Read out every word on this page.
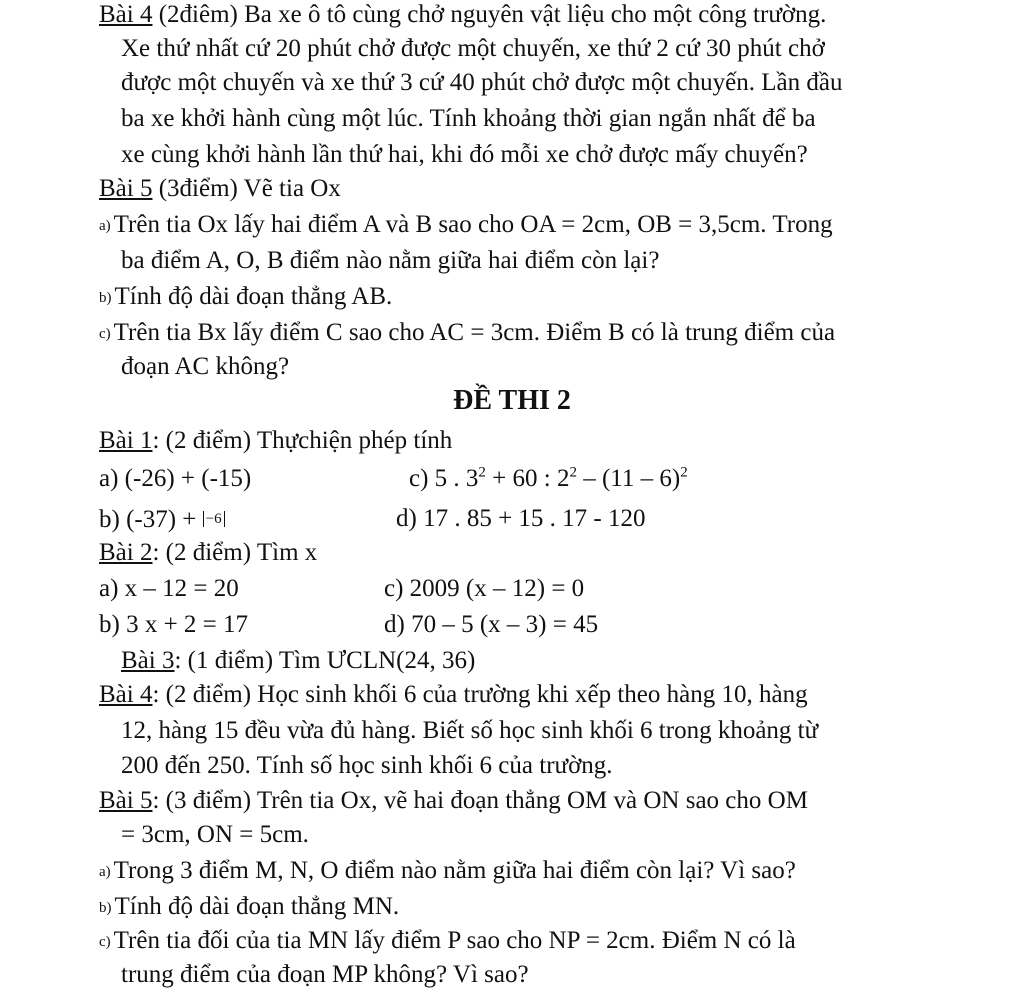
Bài 4 (2điêm) Ba xe ô tô cùng chở nguyên vật liệu cho một công trường.
Xe thứ nhất cứ 20 phút chở được một chuyến, xe thứ 2 cứ 30 phút chở
được một chuyến và xe thứ 3 cứ 40 phút chở được một chuyến. Lần đầu
ba xe khởi hành cùng một lúc. Tính khoảng thời gian ngắn nhất để ba
xe cùng khởi hành lần thứ hai, khi đó mỗi xe chở được mấy chuyến?
Bài 5 (3điểm) Vẽ tia Ox
a) Trên tia Ox lấy hai điểm A và B sao cho OA = 2cm, OB = 3,5cm. Trong
ba điểm A, O, B điểm nào nằm giữa hai điểm còn lại?
b) Tính độ dài đoạn thẳng AB.
c) Trên tia Bx lấy điểm C sao cho AC = 3cm. Điểm B có là trung điểm của
đoạn AC không?
ĐỀ THI 2
Bài 1: (2 điểm) Thựchiện phép tính
a) (-26) + (-15)	c) 5 . $3^2 + 60$ : $2^2 - (11 - 6)^2$
b) (-37) + −6	d) 17 . 85 + 15 . 17 - 120
Bài 2: (2 điểm) Tìm x
a) x – 12 = 20	c) 2009 (x – 12) = 0
b) 3 x + 2 = 17	d) 70 – 5 (x – 3) = 45
Bài 3: (1 điểm) Tìm ƯCLN(24, 36)
Bài 4: (2 điểm) Học sinh khối 6 của trường khi xếp theo hàng 10, hàng
12, hàng 15 đều vừa đủ hàng. Biết số học sinh khối 6 trong khoảng từ
200 đến 250. Tính số học sinh khối 6 của trường.
Bài 5: (3 điểm) Trên tia Ox, vẽ hai đoạn thẳng OM và ON sao cho OM
= 3cm, ON = 5cm.
a) Trong 3 điểm M, N, O điểm nào nằm giữa hai điểm còn lại? Vì sao?
b) Tính độ dài đoạn thẳng MN.
c) Trên tia đối của tia MN lấy điểm P sao cho NP = 2cm. Điểm N có là
trung điểm của đoạn MP không? Vì sao?
